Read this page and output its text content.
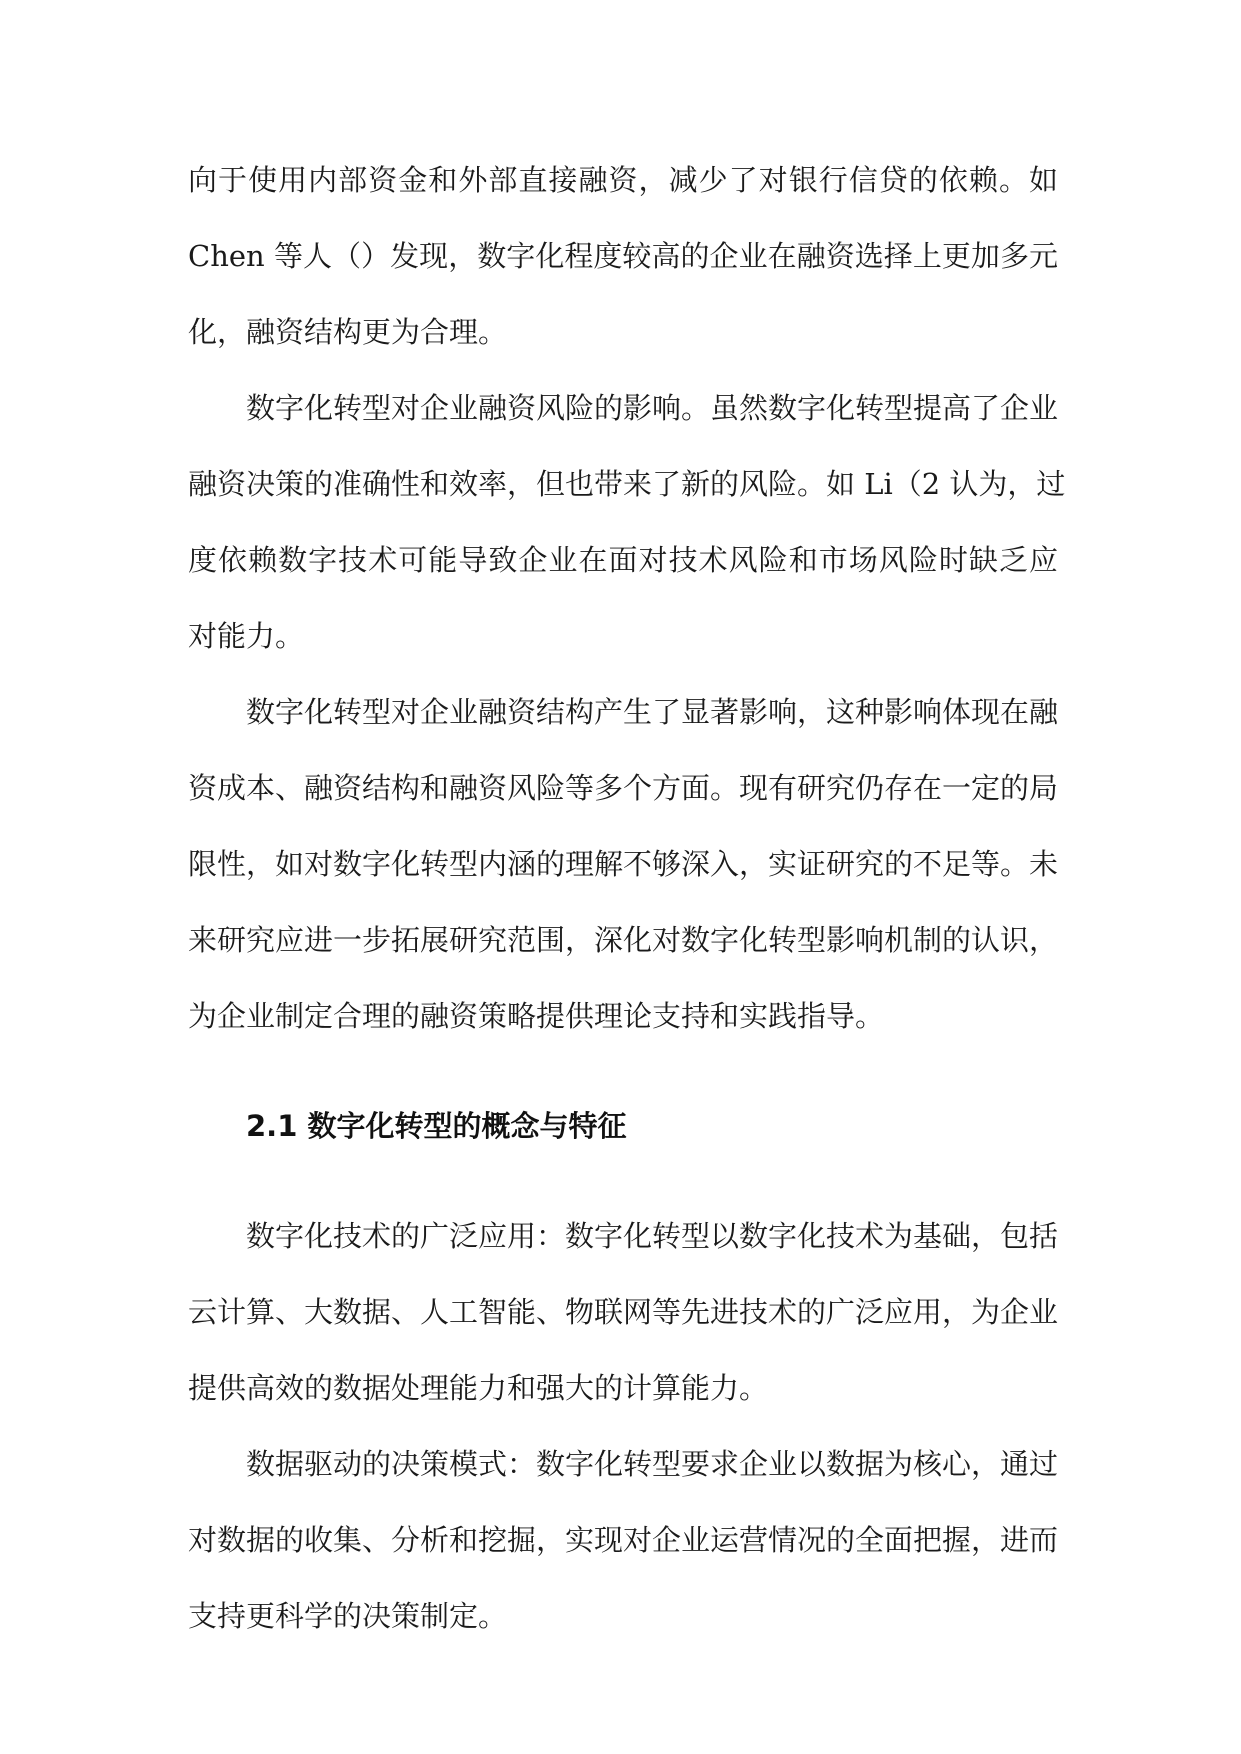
向于使用内部资金和外部直接融资，减少了对银行信贷的依赖。如
Chen 等人（）发现，数字化程度较高的企业在融资选择上更加多元
化，融资结构更为合理。
数字化转型对企业融资风险的影响。虽然数字化转型提高了企业
融资决策的准确性和效率，但也带来了新的风险。如 Li（2 认为，过
度依赖数字技术可能导致企业在面对技术风险和市场风险时缺乏应
对能力。
数字化转型对企业融资结构产生了显著影响，这种影响体现在融
资成本、融资结构和融资风险等多个方面。现有研究仍存在一定的局
限性，如对数字化转型内涵的理解不够深入，实证研究的不足等。未
来研究应进一步拓展研究范围，深化对数字化转型影响机制的认识，
为企业制定合理的融资策略提供理论支持和实践指导。
数字化技术的广泛应用：数字化转型以数字化技术为基础，包括
云计算、大数据、人工智能、物联网等先进技术的广泛应用，为企业
提供高效的数据处理能力和强大的计算能力。
数据驱动的决策模式：数字化转型要求企业以数据为核心，通过
对数据的收集、分析和挖掘，实现对企业运营情况的全面把握，进而
支持更科学的决策制定。
2.1 数字化转型的概念与特征
